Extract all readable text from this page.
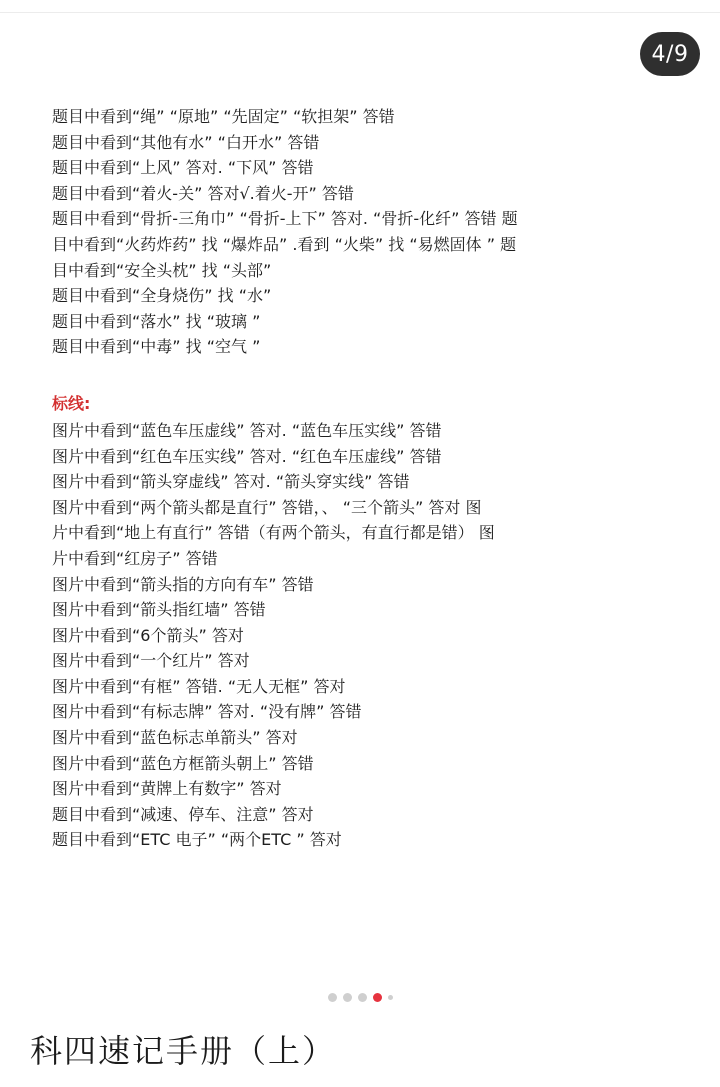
4/9
题目中看到“绳” “原地” “先固定” “软担架” 答错
题目中看到“其他有水” “白开水” 答错
题目中看到“上风” 答对. “下风” 答错
题目中看到“着火-关” 答对√.着火-开” 答错
题目中看到“骨折-三角巾” “骨折-上下” 答对. “骨折-化纤” 答错 题
目中看到“火药炸药” 找 “爆炸品” .看到 “火柴” 找 “易燃固体 ” 题
目中看到“安全头枕” 找 “头部”
题目中看到“全身烧伤” 找 “水”
题目中看到“落水” 找 “玻璃 ”
题目中看到“中毒” 找 “空气 ”
标线:
图片中看到“蓝色车压虚线” 答对. “蓝色车压实线” 答错
图片中看到“红色车压实线” 答对. “红色车压虚线” 答错
图片中看到“箭头穿虚线” 答对. “箭头穿实线” 答错
图片中看到“两个箭头都是直行” 答错，、 “三个箭头” 答对 图
片中看到“地上有直行” 答错（有两个箭头，有直行都是错） 图
片中看到“红房子” 答错
图片中看到“箭头指的方向有车” 答错
图片中看到“箭头指红墙” 答错
图片中看到“6个箭头” 答对
图片中看到“一个红片” 答对
图片中看到“有框” 答错. “无人无框” 答对
图片中看到“有标志牌” 答对. “没有牌” 答错
图片中看到“蓝色标志单箭头” 答对
图片中看到“蓝色方框箭头朝上” 答错
图片中看到“黄牌上有数字” 答对
题目中看到“减速、停车、注意” 答对
题目中看到“ETC 电子” “两个ETC ” 答对
科四速记手册（上）
